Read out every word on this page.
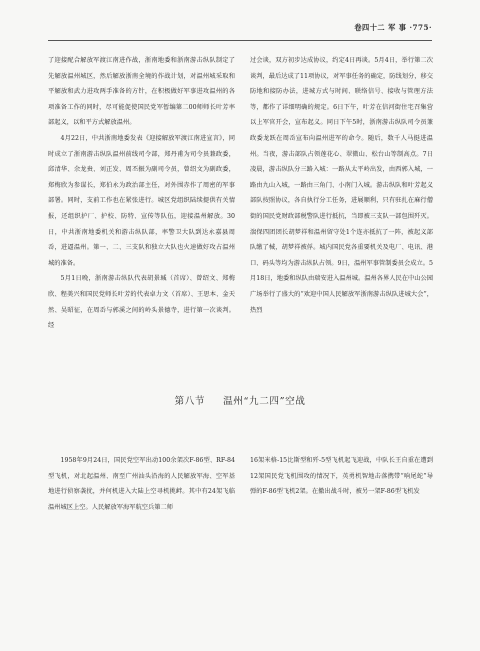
卷四十二 军 事 ·775·

了迎接配合解放军渡江南进作战，浙南地委和浙南游击纵队制定了先解放温州城区，然后解放浙南全境的作战计划，对温州城采取和平解放和武力进攻两手准备的方针，在积极做好军事进攻温州的各项准备工作的同时，尽可能促使国民党军暂编第二00师师长叶芳率部起义，以和平方式解放温州。

4月22日，中共浙南地委发表《迎接解放军渡江南进宣言》，同时成立了浙南游击纵队温州前线司令部，郑丹甫为司令员兼政委，邱清华、余龙贵、刘正发、周丕振为副司令员，曾绍文为副政委，郑梅欣为参谋长，郑伯永为政治部主任，对外围赤作了周密的军事部署。同时，支前工作也在紧张进行。城区党组织陆续提供有关情报，还组织护厂、护校、防特、宣传等队伍，迎接温州解放。30日，中共浙南地委机关和游击纵队部，率警卫大队到达永嘉县周岙，进逼温州。第一、二、三支队和独立大队也火速做好攻占温州城的准备。

5月1日晚，浙南游击纵队代表胡景瑊（首席）、曾绍文、郑梅欣、程美兴和国民党师长叶芳的代表卓力文（首席）、王思本、金天然、吴昭征，在周岙与郭溪之间的岭头景德寺，进行第一次谈判。经

过会谈，双方初步达成协议，约定4日再谈。5月4日，举行第二次谈判，最后达成了11项协议，对军事任务的确定，防线划分，移交防地和接防办法，进城方式与时间、联络信号、接收与管理方法等，都作了详细明确的规定。6日下午，叶芳在信河街住宅召集营以上军官开会，宣布起义。同日下午5时，浙南游击纵队司令员兼政委龙跃在周岙宣布向温州进军的命令。随后，数千人马挺进温州。当夜，游击部队占领莲花心、翠微山、松台山等制高点。7日凌晨，游击纵队分三路入城：一路从太平岭出发，由西郭入城，一路由九山入城，一路由三角门、小南门入城。游击纵队和叶芳起义部队按照协议，各自执行分工任务，进展顺利，只有驻扎在麻行僧街的国民党财政部税警队进行抵抗，当即被三支队一部包围歼灭。湍保四团团长胡梦祥和温州留守处1个连亦抵抗了一阵，被起义部队缴了械，胡梦祥被俘。城内国民党各重要机关及电厂、电讯、港口、码头等均为游击纵队占领。9日，温州军事管制委员会成立。5月18日，地委和纵队由瑞安进入温州城。温州各界人民在中山公园广场举行了盛大的“欢迎中国人民解放军浙南游击纵队进城大会”，热烈

第八节 温州“九二四”空战

1958年9月24日，国民党空军出动100余架次F-86型、RF-84型飞机，对北起温州、南至广州汕头沿海的人民解放军海、空军基地进行侦察袭扰，并何机进入大陆上空寻机挑衅。其中有24架飞临温州城区上空。人民解放军海军航空兵第二师

16架米格-15比斯型和歼-5型飞机起飞迎战，中队长王自重在遭到12架国民党飞机围攻的情况下，英勇机智地击落携带“响尾蛇”导弹的F-86型飞机2架。在撤出战斗时，被另一架F-86型飞机发
